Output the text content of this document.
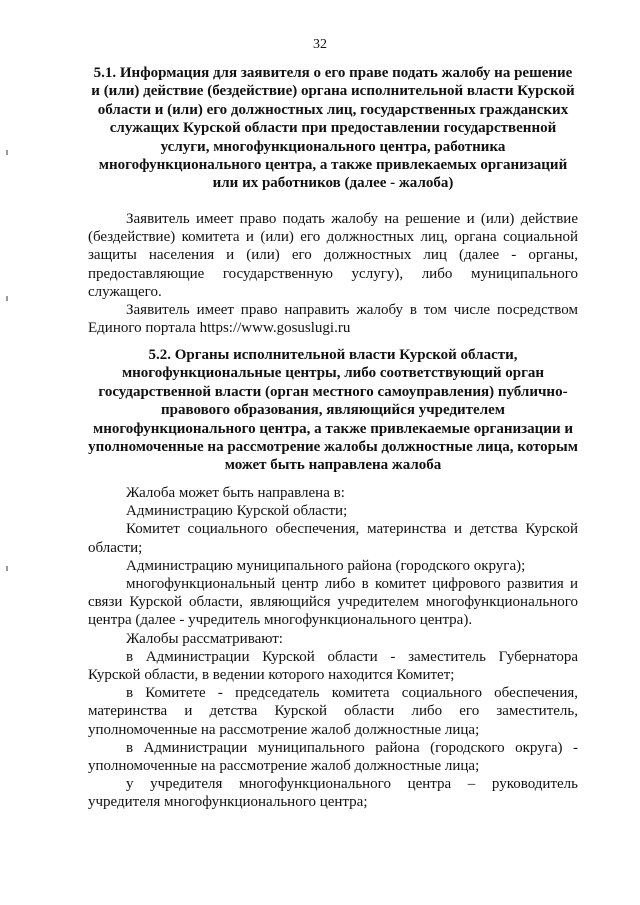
32
5.1. Информация для заявителя о его праве подать жалобу на решение и (или) действие (бездействие) органа исполнительной власти Курской области и (или) его должностных лиц, государственных гражданских служащих Курской области при предоставлении государственной услуги, многофункционального центра, работника многофункционального центра, а также привлекаемых организаций или их работников (далее - жалоба)

Заявитель имеет право подать жалобу на решение и (или) действие (бездействие) комитета и (или) его должностных лиц, органа социальной защиты населения и (или) его должностных лиц (далее - органы, предоставляющие государственную услугу), либо муниципального служащего.

Заявитель имеет право направить жалобу в том числе посредством Единого портала https://www.gosuslugi.ru

5.2. Органы исполнительной власти Курской области, многофункциональные центры, либо соответствующий орган государственной власти (орган местного самоуправления) публично-правового образования, являющийся учредителем многофункционального центра, а также привлекаемые организации и уполномоченные на рассмотрение жалобы должностные лица, которым может быть направлена жалоба

Жалоба может быть направлена в:

Администрацию Курской области;

Комитет социального обеспечения, материнства и детства Курской области;

Администрацию муниципального района (городского округа);

многофункциональный центр либо в комитет цифрового развития и связи Курской области, являющийся учредителем многофункционального центра (далее - учредитель многофункционального центра).

Жалобы рассматривают:

в Администрации Курской области - заместитель Губернатора Курской области, в ведении которого находится Комитет;

в Комитете - председатель комитета социального обеспечения, материнства и детства Курской области либо его заместитель, уполномоченные на рассмотрение жалоб должностные лица;

в Администрации муниципального района (городского округа) - уполномоченные на рассмотрение жалоб должностные лица;

у учредителя многофункционального центра – руководитель учредителя многофункционального центра;
